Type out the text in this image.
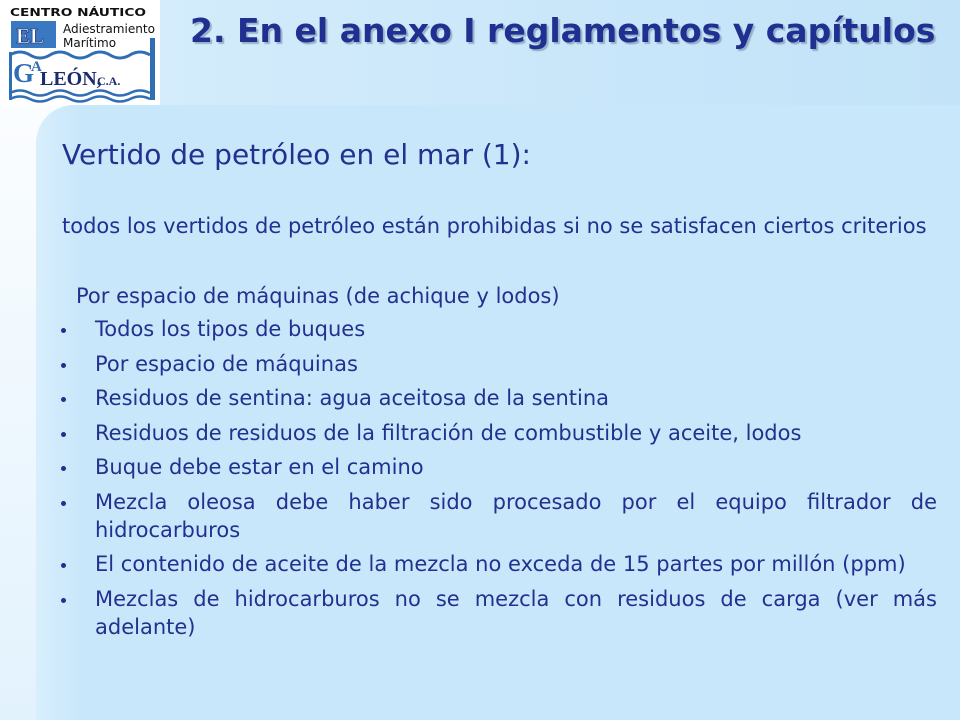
CENTRO NÁUTICO
EL Adiestramiento
Marítimo
G
A
LEÓN,
C.A.
2. En el anexo I reglamentos y capítulos
Vertido de petróleo en el mar (1):

todos los vertidos de petróleo están prohibidas si no se satisfacen ciertos criterios

Por espacio de máquinas (de achique y lodos)

Todos los tipos de buques
Por espacio de máquinas
Residuos de sentina: agua aceitosa de la sentina
Residuos de residuos de la filtración de combustible y aceite, lodos
Buque debe estar en el camino
Mezcla oleosa debe haber sido procesado por el equipo filtrador de hidrocarburos
El contenido de aceite de la mezcla no exceda de 15 partes por millón (ppm)
Mezclas de hidrocarburos no se mezcla con residuos de carga (ver más adelante)
